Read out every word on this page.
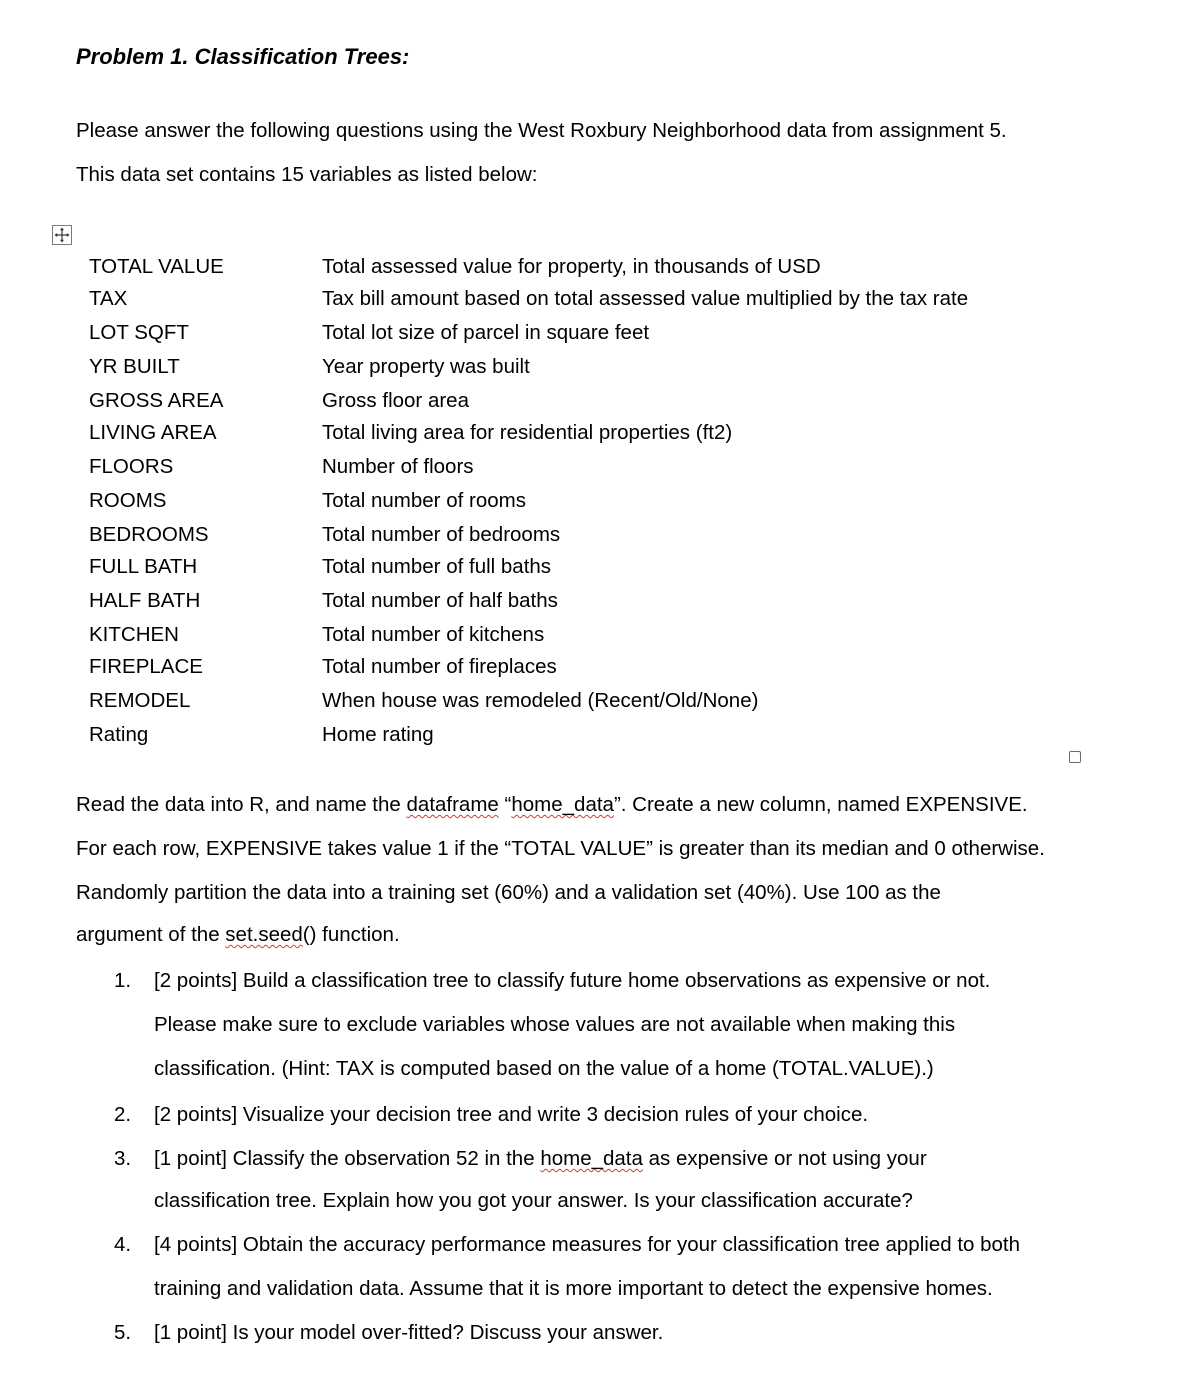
Problem 1. Classification Trees:
Please answer the following questions using the West Roxbury Neighborhood data from assignment 5.
This data set contains 15 variables as listed below:
TOTAL VALUE	Total assessed value for property, in thousands of USD
TAX	Tax bill amount based on total assessed value multiplied by the tax rate
LOT SQFT	Total lot size of parcel in square feet
YR BUILT	Year property was built
GROSS AREA	Gross floor area
LIVING AREA	Total living area for residential properties (ft2)
FLOORS	Number of floors
ROOMS	Total number of rooms
BEDROOMS	Total number of bedrooms
FULL BATH	Total number of full baths
HALF BATH	Total number of half baths
KITCHEN	Total number of kitchens
FIREPLACE	Total number of fireplaces
REMODEL	When house was remodeled (Recent/Old/None)
Rating	Home rating
Read the data into R, and name the dataframe “home_data”. Create a new column, named EXPENSIVE.
For each row, EXPENSIVE takes value 1 if the “TOTAL VALUE” is greater than its median and 0 otherwise.
Randomly partition the data into a training set (60%) and a validation set (40%). Use 100 as the
argument of the set.seed() function.
1. [2 points] Build a classification tree to classify future home observations as expensive or not.
Please make sure to exclude variables whose values are not available when making this
classification. (Hint: TAX is computed based on the value of a home (TOTAL.VALUE).)
2. [2 points] Visualize your decision tree and write 3 decision rules of your choice.
3. [1 point] Classify the observation 52 in the home_data as expensive or not using your
classification tree. Explain how you got your answer. Is your classification accurate?
4. [4 points] Obtain the accuracy performance measures for your classification tree applied to both
training and validation data. Assume that it is more important to detect the expensive homes.
5. [1 point] Is your model over-fitted? Discuss your answer.
